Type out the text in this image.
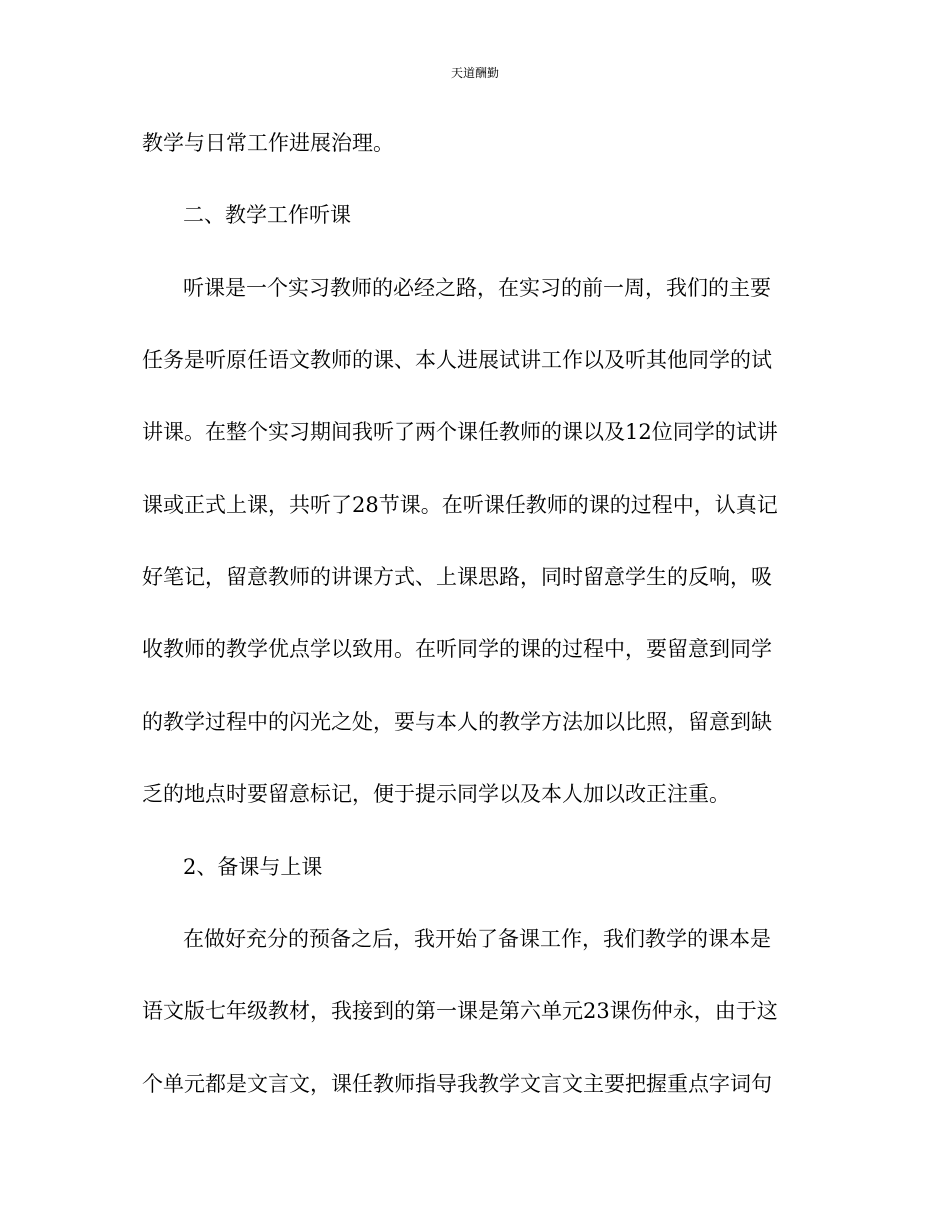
天道酬勤
教学与日常工作进展治理。
二、教学工作听课
听课是一个实习教师的必经之路，在实习的前一周，我们的主要
任务是听原任语文教师的课、本人进展试讲工作以及听其他同学的试
讲课。在整个实习期间我听了两个课任教师的课以及12位同学的试讲
课或正式上课，共听了28节课。在听课任教师的课的过程中，认真记
好笔记，留意教师的讲课方式、上课思路，同时留意学生的反响，吸
收教师的教学优点学以致用。在听同学的课的过程中，要留意到同学
的教学过程中的闪光之处，要与本人的教学方法加以比照，留意到缺
乏的地点时要留意标记，便于提示同学以及本人加以改正注重。
2、备课与上课
在做好充分的预备之后，我开始了备课工作，我们教学的课本是
语文版七年级教材，我接到的第一课是第六单元23课伤仲永，由于这
个单元都是文言文，课任教师指导我教学文言文主要把握重点字词句
